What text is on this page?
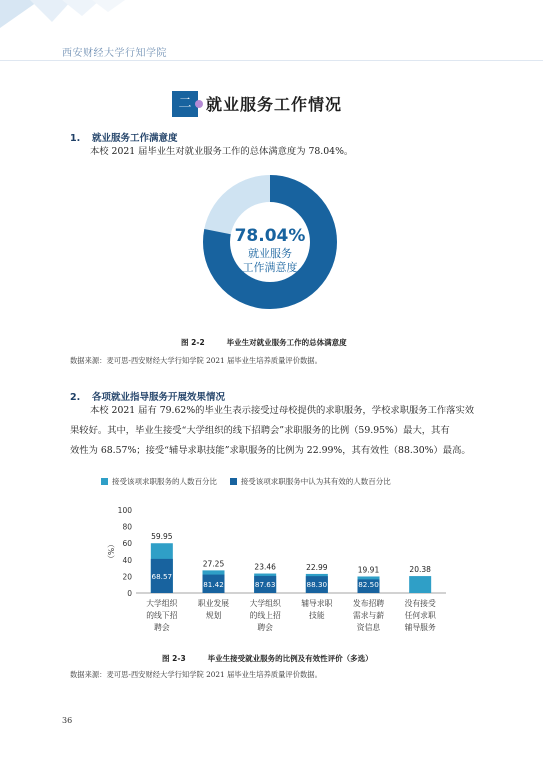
西安财经大学行知学院
二 就业服务工作情况
1. 就业服务工作满意度
本校 2021 届毕业生对就业服务工作的总体满意度为 78.04%。
78.04%
就业服务
工作满意度
图 2-2	毕业生对就业服务工作的总体满意度
数据来源：麦可思-西安财经大学行知学院 2021 届毕业生培养质量评价数据。
2. 各项就业指导服务开展效果情况
本校 2021 届有 79.62%的毕业生表示接受过母校提供的求职服务，学校求职服务工作落实效
果较好。其中，毕业生接受“大学组织的线下招聘会”求职服务的比例（59.95%）最大，其有
效性为 68.57%；接受“辅导求职技能”求职服务的比例为 22.99%，其有效性（88.30%）最高。
接受该项求职服务的人数百分比	接受该项求职服务中认为其有效的人数百分比
（%）
100
80
60
40
20
0
59.95
68.57
大学组织
的线下招
聘会
27.25
81.42
职业发展
规划
23.46
87.63
大学组织
的线上招
聘会
22.99
88.30
辅导求职
技能
19.91
82.50
发布招聘
需求与薪
资信息
20.38
没有接受
任何求职
辅导服务
图 2-3	毕业生接受就业服务的比例及有效性评价（多选）
数据来源：麦可思-西安财经大学行知学院 2021 届毕业生培养质量评价数据。
36
